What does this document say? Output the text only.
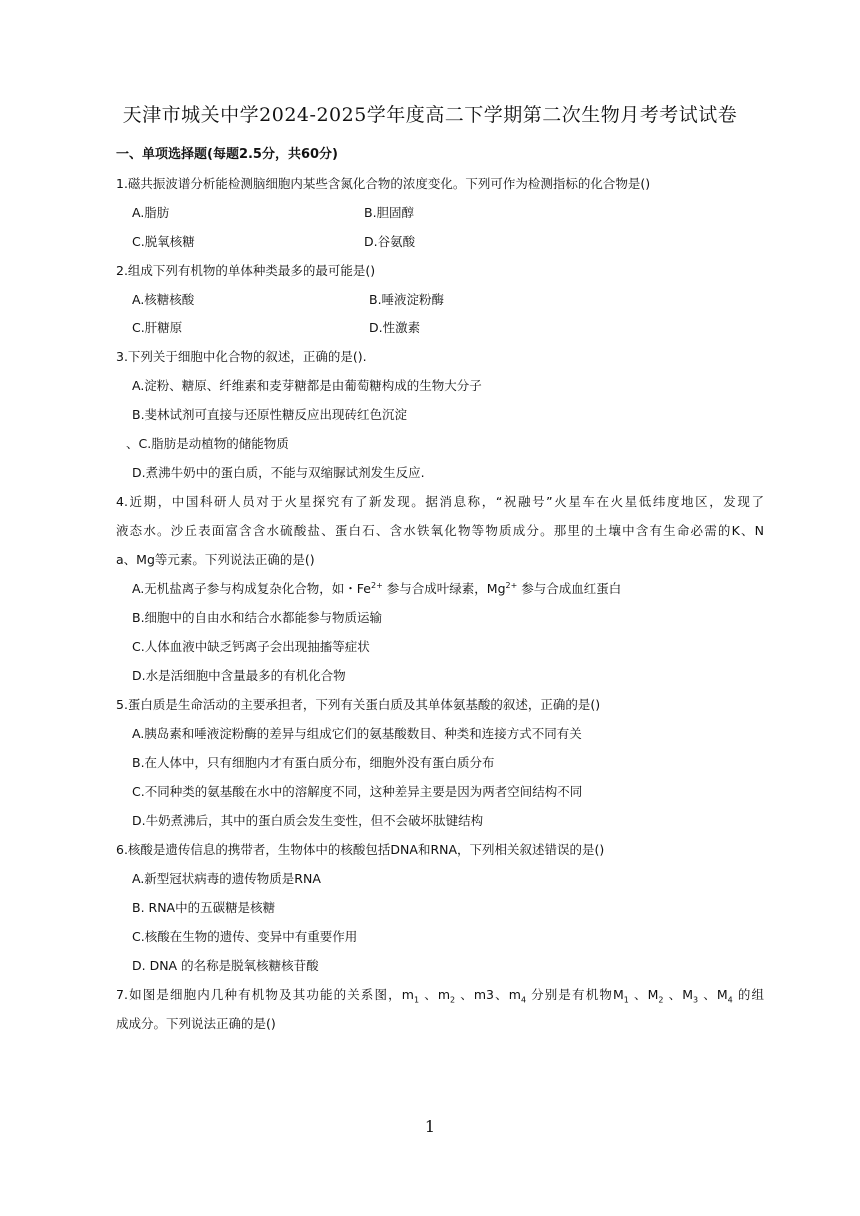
天津市城关中学2024-2025学年度高二下学期第二次生物月考考试试卷
一、单项选择题(每题2.5分，共60分)
1.磁共振波谱分析能检测脑细胞内某些含氮化合物的浓度变化。下列可作为检测指标的化合物是()
A.脂肪	B.胆固醇
C.脱氧核糖	D.谷氨酸
2.组成下列有机物的单体种类最多的最可能是()
A.核糖核酸	B.唾液淀粉酶
C.肝糖原	D.性激素
3.下列关于细胞中化合物的叙述，正确的是().
A.淀粉、糖原、纤维素和麦芽糖都是由葡萄糖构成的生物大分子
B.斐林试剂可直接与还原性糖反应出现砖红色沉淀
、C.脂肪是动植物的储能物质
D.煮沸牛奶中的蛋白质，不能与双缩脲试剂发生反应.
4.近期，中国科研人员对于火星探究有了新发现。据消息称，“祝融号”火星车在火星低纬度地区，发现了
液态水。沙丘表面富含含水硫酸盐、蛋白石、含水铁氧化物等物质成分。那里的土壤中含有生命必需的K、N
a、Mg等元素。下列说法正确的是()
A.无机盐离子参与构成复杂化合物，如・$Fe^{2+}$ 参与合成叶绿素，$Mg^{2+}$ 参与合成血红蛋白
B.细胞中的自由水和结合水都能参与物质运输
C.人体血液中缺乏钙离子会出现抽搐等症状
D.水是活细胞中含量最多的有机化合物
5.蛋白质是生命活动的主要承担者，下列有关蛋白质及其单体氨基酸的叙述，正确的是()
A.胰岛素和唾液淀粉酶的差异与组成它们的氨基酸数目、种类和连接方式不同有关
B.在人体中，只有细胞内才有蛋白质分布，细胞外没有蛋白质分布
C.不同种类的氨基酸在水中的溶解度不同，这种差异主要是因为两者空间结构不同
D.牛奶煮沸后，其中的蛋白质会发生变性，但不会破坏肽键结构
6.核酸是遗传信息的携带者，生物体中的核酸包括DNA和RNA，下列相关叙述错误的是()
A.新型冠状病毒的遗传物质是RNA
B. RNA中的五碳糖是核糖
C.核酸在生物的遗传、变异中有重要作用
D. DNA 的名称是脱氧核糖核苷酸
7.如图是细胞内几种有机物及其功能的关系图，$m_1$ 、$m_2$ 、m3、$m_4$ 分别是有机物$M_1$ 、$M_2$ 、$M_3$ 、$M_4$ 的组
成成分。下列说法正确的是()
1
